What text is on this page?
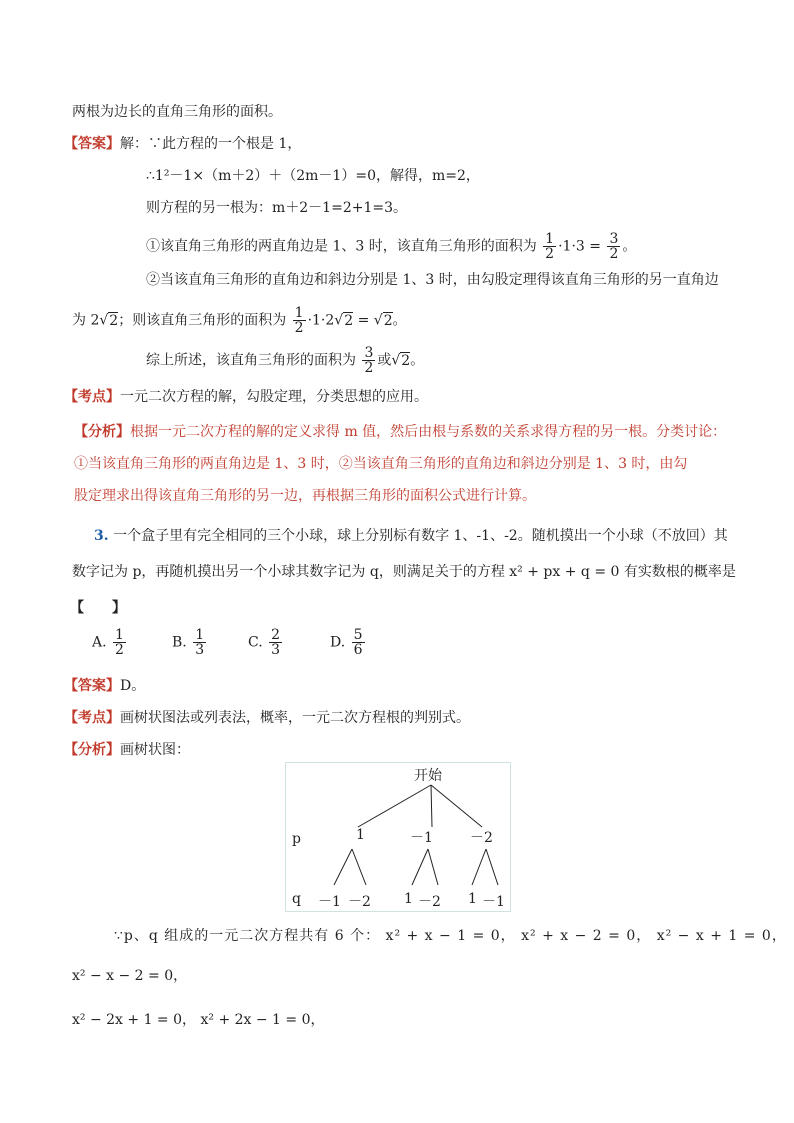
两根为边长的直角三角形的面积。
【答案】解：∵此方程的一个根是 1，
∴1²－1×（m＋2）＋（2m－1）=0，解得，m=2，
则方程的另一根为：m＋2－1=2+1=3。
①该直角三角形的两直角边是 1、3 时，该直角三角形的面积为 $\frac{1}{2} \cdot 1\cdot 3 = \frac{3}{2}$ 。
②当该直角三角形的直角边和斜边分别是 1、3 时，由勾股定理得该直角三角形的另一直角边
为 2√2；则该直角三角形的面积为 $\frac{1}{2} \cdot 1\cdot 2√2 = √2$。
综上所述，该直角三角形的面积为 $\frac{3}{2}$ 或√2。
【考点】一元二次方程的解，勾股定理，分类思想的应用。
【分析】根据一元二次方程的解的定义求得 m 值，然后由根与系数的关系求得方程的另一根。分类讨论：
①当该直角三角形的两直角边是 1、3 时，②当该直角三角形的直角边和斜边分别是 1、3 时，由勾
股定理求出得该直角三角形的另一边，再根据三角形的面积公式进行计算。
3. 一个盒子里有完全相同的三个小球，球上分别标有数字 1、-1、-2。随机摸出一个小球（不放回）其
数字记为 p，再随机摸出另一个小球其数字记为 q，则满足关于的方程 x² + px + q = 0 有实数根的概率是
【　　】
A. $\frac{1}{2}$	B. $\frac{1}{3}$	C. $\frac{2}{3}$	D. $\frac{5}{6}$
【答案】D。
【考点】画树状图法或列表法，概率，一元二次方程根的判别式。
【分析】画树状图：
开始
p
q
1	－1	－2
－1 －2 1 －2 1 －1
∵p、q 组成的一元二次方程共有 6 个： x² + x − 1 = 0， x² + x − 2 = 0， x² − x + 1 = 0，
x² − x − 2 = 0，
x² − 2x + 1 = 0， x² + 2x − 1 = 0，
